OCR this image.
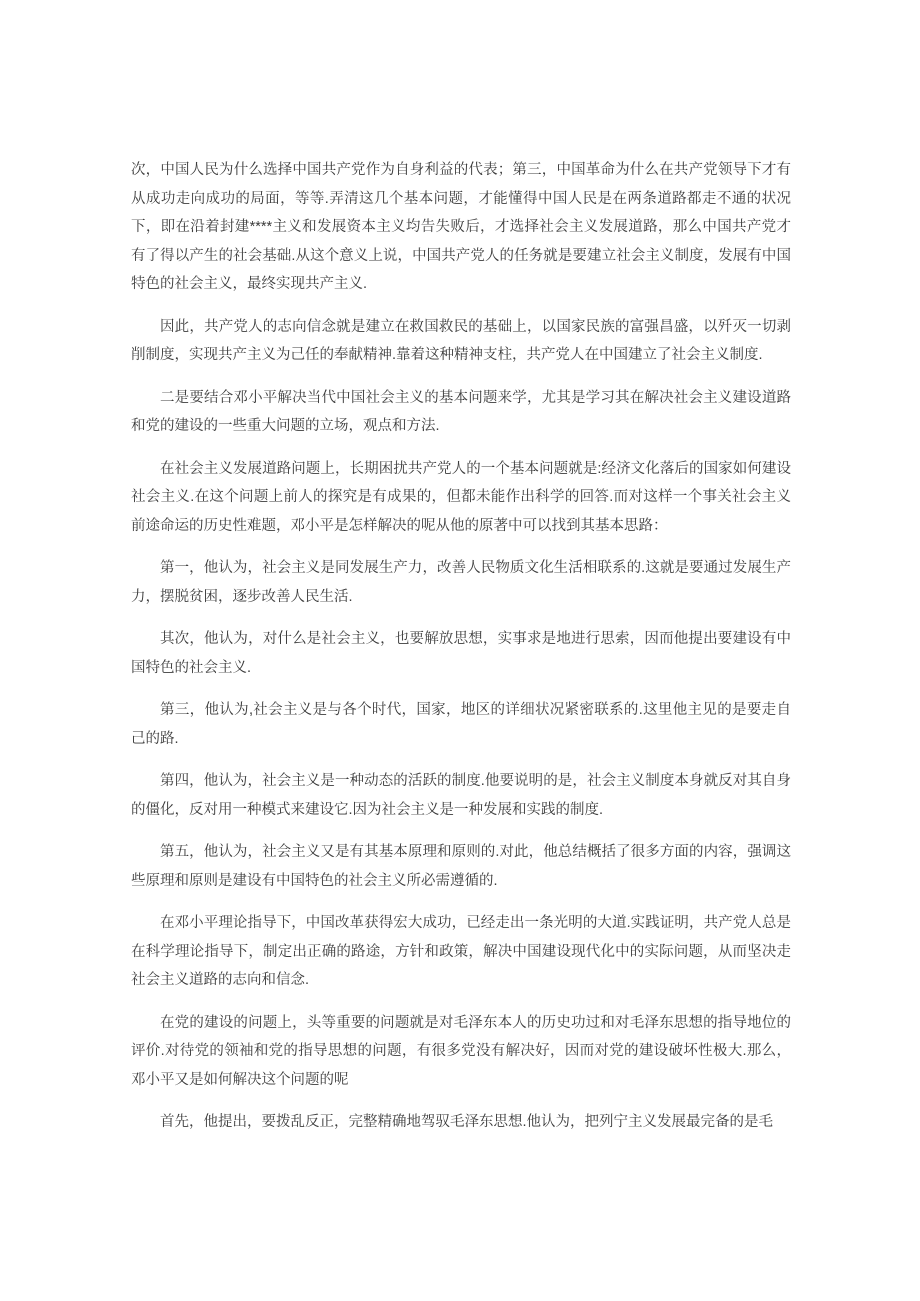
次，中国人民为什么选择中国共产党作为自身利益的代表；第三，中国革命为什么在共产党领导下才有从成功走向成功的局面，等等.弄清这几个基本问题，才能懂得中国人民是在两条道路都走不通的状况下，即在沿着封建****主义和发展资本主义均告失败后，才选择社会主义发展道路，那么中国共产党才有了得以产生的社会基础.从这个意义上说，中国共产党人的任务就是要建立社会主义制度，发展有中国特色的社会主义，最终实现共产主义.

因此，共产党人的志向信念就是建立在救国救民的基础上，以国家民族的富强昌盛，以歼灭一切剥削制度，实现共产主义为己任的奉献精神.靠着这种精神支柱，共产党人在中国建立了社会主义制度.

二是要结合邓小平解决当代中国社会主义的基本问题来学，尤其是学习其在解决社会主义建设道路和党的建设的一些重大问题的立场，观点和方法.

在社会主义发展道路问题上，长期困扰共产党人的一个基本问题就是:经济文化落后的国家如何建设社会主义.在这个问题上前人的探究是有成果的，但都未能作出科学的回答.而对这样一个事关社会主义前途命运的历史性难题，邓小平是怎样解决的呢从他的原著中可以找到其基本思路：

第一，他认为，社会主义是同发展生产力，改善人民物质文化生活相联系的.这就是要通过发展生产力，摆脱贫困，逐步改善人民生活.

其次，他认为，对什么是社会主义，也要解放思想，实事求是地进行思索，因而他提出要建设有中国特色的社会主义.

第三，他认为,社会主义是与各个时代，国家，地区的详细状况紧密联系的.这里他主见的是要走自己的路.

第四，他认为，社会主义是一种动态的活跃的制度.他要说明的是，社会主义制度本身就反对其自身的僵化，反对用一种模式来建设它.因为社会主义是一种发展和实践的制度.

第五，他认为，社会主义又是有其基本原理和原则的.对此，他总结概括了很多方面的内容，强调这些原理和原则是建设有中国特色的社会主义所必需遵循的.

在邓小平理论指导下，中国改革获得宏大成功，已经走出一条光明的大道.实践证明，共产党人总是在科学理论指导下，制定出正确的路途，方针和政策，解决中国建设现代化中的实际问题，从而坚决走社会主义道路的志向和信念.

在党的建设的问题上，头等重要的问题就是对毛泽东本人的历史功过和对毛泽东思想的指导地位的评价.对待党的领袖和党的指导思想的问题，有很多党没有解决好，因而对党的建设破坏性极大.那么，邓小平又是如何解决这个问题的呢

首先，他提出，要拨乱反正，完整精确地驾驭毛泽东思想.他认为，把列宁主义发展最完备的是毛
